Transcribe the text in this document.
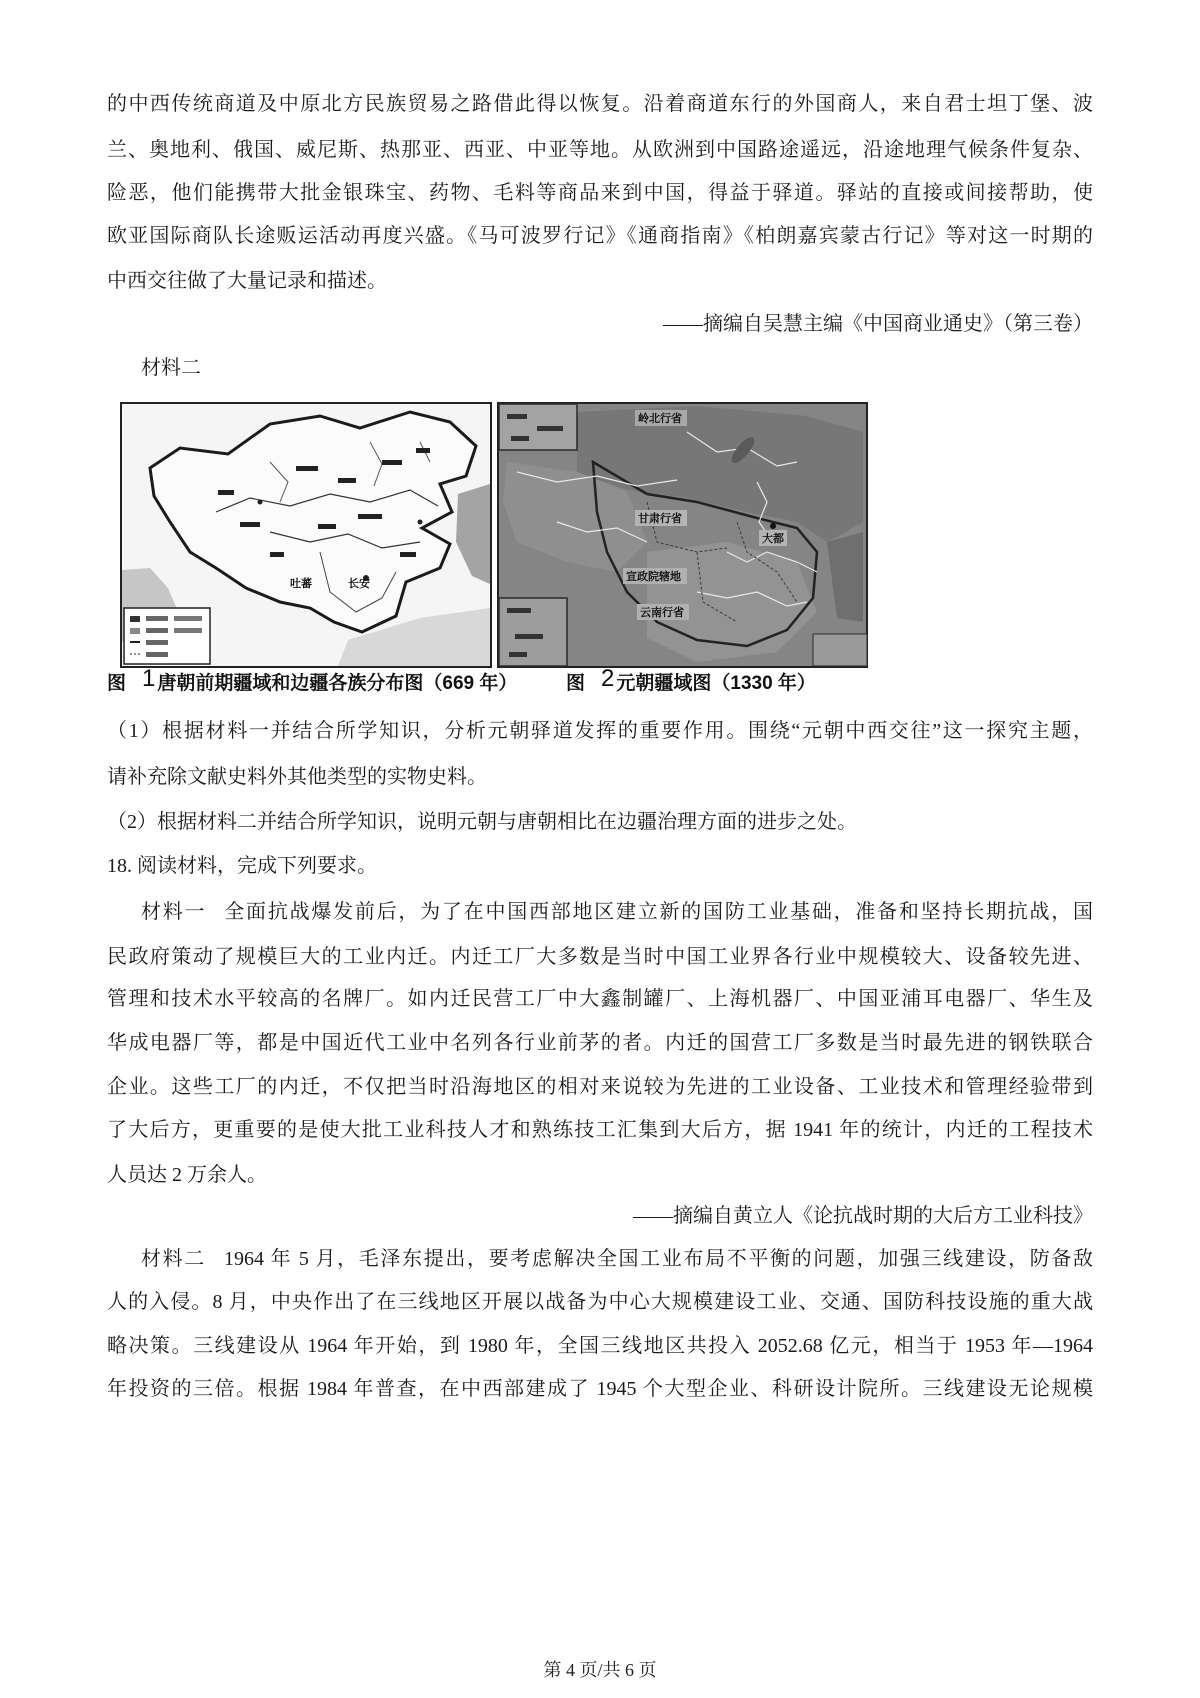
的中西传统商道及中原北方民族贸易之路借此得以恢复。沿着商道东行的外国商人，来自君士坦丁堡、波
兰、奥地利、俄国、威尼斯、热那亚、西亚、中亚等地。从欧洲到中国路途遥远，沿途地理气候条件复杂、
险恶，他们能携带大批金银珠宝、药物、毛料等商品来到中国，得益于驿道。驿站的直接或间接帮助，使
欧亚国际商队长途贩运活动再度兴盛。《马可波罗行记》《通商指南》《柏朗嘉宾蒙古行记》等对这一时期的
中西交往做了大量记录和描述。
——摘编自吴慧主编《中国商业通史》（第三卷）
材料二
吐蕃	长安
岭北行省
甘肃行省
大都
宣政院辖地
云南行省
图 1 唐朝前期疆域和边疆各族分布图（669 年）	图 2 元朝疆域图（1330 年）
（1）根据材料一并结合所学知识，分析元朝驿道发挥的重要作用。围绕“元朝中西交往”这一探究主题，
请补充除文献史料外其他类型的实物史料。
（2）根据材料二并结合所学知识，说明元朝与唐朝相比在边疆治理方面的进步之处。
18. 阅读材料，完成下列要求。
材料一 全面抗战爆发前后，为了在中国西部地区建立新的国防工业基础，准备和坚持长期抗战，国
民政府策动了规模巨大的工业内迁。内迁工厂大多数是当时中国工业界各行业中规模较大、设备较先进、
管理和技术水平较高的名牌厂。如内迁民营工厂中大鑫制罐厂、上海机器厂、中国亚浦耳电器厂、华生及
华成电器厂等，都是中国近代工业中名列各行业前茅的者。内迁的国营工厂多数是当时最先进的钢铁联合
企业。这些工厂的内迁，不仅把当时沿海地区的相对来说较为先进的工业设备、工业技术和管理经验带到
了大后方，更重要的是使大批工业科技人才和熟练技工汇集到大后方，据 1941 年的统计，内迁的工程技术
人员达 2 万余人。
——摘编自黄立人《论抗战时期的大后方工业科技》
材料二 1964 年 5 月，毛泽东提出，要考虑解决全国工业布局不平衡的问题，加强三线建设，防备敌
人的入侵。8 月，中央作出了在三线地区开展以战备为中心大规模建设工业、交通、国防科技设施的重大战
略决策。三线建设从 1964 年开始，到 1980 年，全国三线地区共投入 2052.68 亿元，相当于 1953 年—1964
年投资的三倍。根据 1984 年普查，在中西部建成了 1945 个大型企业、科研设计院所。三线建设无论规模
第 4 页/共 6 页
